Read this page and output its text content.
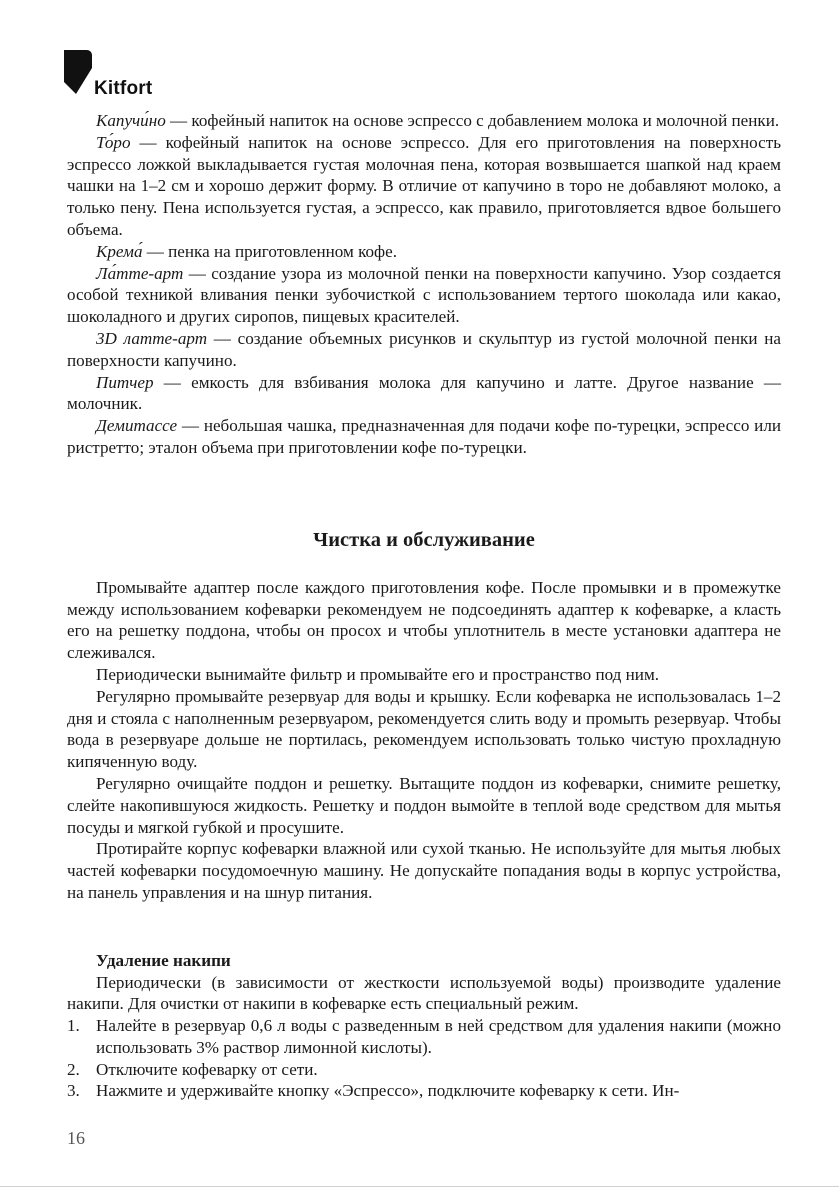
Kitfort

Капучи́но — кофейный напиток на основе эспрессо с добавлением молока и молочной пенки.

То́ро — кофейный напиток на основе эспрессо. Для его приготовления на поверхность эспрессо ложкой выкладывается густая молочная пена, которая возвышается шапкой над краем чашки на 1–2 см и хорошо держит форму. В отличие от капучино в торо не добавляют молоко, а только пену. Пена используется густая, а эспрессо, как правило, приготовляется вдвое большего объема.

Крема́ — пенка на приготовленном кофе.

Ла́тте-арт — создание узора из молочной пенки на поверхности капучино. Узор создается особой техникой вливания пенки зубочисткой с использованием тертого шоколада или какао, шоколадного и других сиропов, пищевых красителей.

3D латте-арт — создание объемных рисунков и скульптур из густой молочной пенки на поверхности капучино.

Питчер — емкость для взбивания молока для капучино и латте. Другое название — молочник.

Демитассе — небольшая чашка, предназначенная для подачи кофе по-турецки, эспрессо или ристретто; эталон объема при приготовлении кофе по-турецки.

Чистка и обслуживание

Промывайте адаптер после каждого приготовления кофе. После промывки и в промежутке между использованием кофеварки рекомендуем не подсоединять адаптер к кофеварке, а класть его на решетку поддона, чтобы он просох и чтобы уплотнитель в месте установки адаптера не слеживался.

Периодически вынимайте фильтр и промывайте его и пространство под ним.

Регулярно промывайте резервуар для воды и крышку. Если кофеварка не использовалась 1–2 дня и стояла с наполненным резервуаром, рекомендуется слить воду и промыть резервуар. Чтобы вода в резервуаре дольше не портилась, рекомендуем использовать только чистую прохладную кипяченную воду.

Регулярно очищайте поддон и решетку. Вытащите поддон из кофеварки, снимите решетку, слейте накопившуюся жидкость. Решетку и поддон вымойте в теплой воде средством для мытья посуды и мягкой губкой и просушите.

Протирайте корпус кофеварки влажной или сухой тканью. Не используйте для мытья любых частей кофеварки посудомоечную машину. Не допускайте попадания воды в корпус устройства, на панель управления и на шнур питания.

Удаление накипи

Периодически (в зависимости от жесткости используемой воды) производите удаление накипи. Для очистки от накипи в кофеварке есть специальный режим.

1. Налейте в резервуар 0,6 л воды с разведенным в ней средством для удаления накипи (можно использовать 3% раствор лимонной кислоты).
2. Отключите кофеварку от сети.
3. Нажмите и удерживайте кнопку «Эспрессо», подключите кофеварку к сети. Ин-
16
